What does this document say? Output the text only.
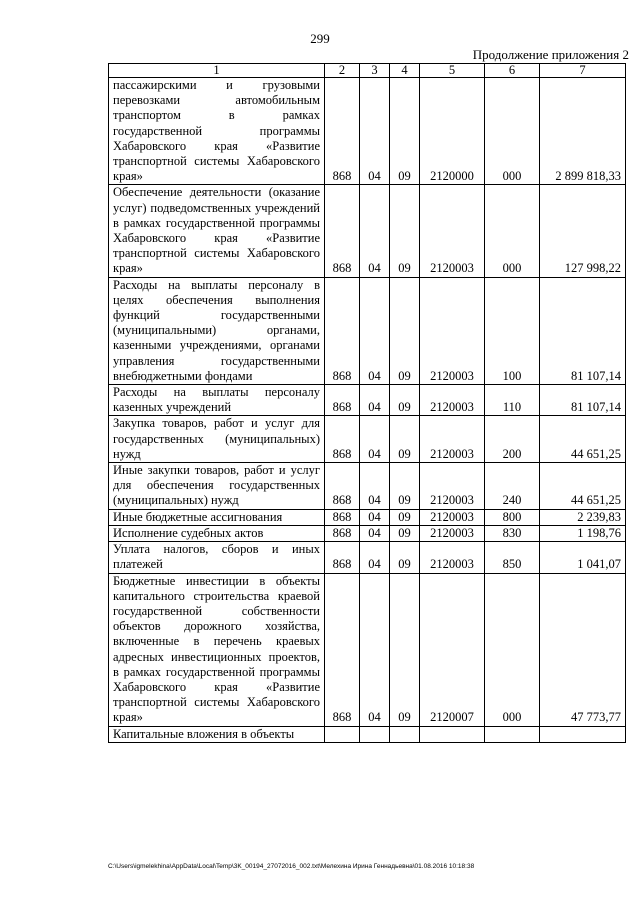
299
Продолжение приложения 2
1	2	3	4	5	6	7
пассажирскими и грузовыми перевозками автомобильным транспортом в рамках государственной программы Хабаровского края «Развитие транспортной системы Хабаровского края»	868	04	09	2120000	000	2 899 818,33
Обеспечение деятельности (оказание услуг) подведомственных учреждений в рамках государственной программы Хабаровского края «Развитие транспортной системы Хабаровского края»	868	04	09	2120003	000	127 998,22
Расходы на выплаты персоналу в целях обеспечения выполнения функций государственными (муниципальными) органами, казенными учреждениями, органами управления государственными внебюджетными фондами	868	04	09	2120003	100	81 107,14
Расходы на выплаты персоналу казенных учреждений	868	04	09	2120003	110	81 107,14
Закупка товаров, работ и услуг для государственных (муниципальных) нужд	868	04	09	2120003	200	44 651,25
Иные закупки товаров, работ и услуг для обеспечения государственных (муниципальных) нужд	868	04	09	2120003	240	44 651,25
Иные бюджетные ассигнования	868	04	09	2120003	800	2 239,83
Исполнение судебных актов	868	04	09	2120003	830	1 198,76
Уплата налогов, сборов и иных платежей	868	04	09	2120003	850	1 041,07
Бюджетные инвестиции в объекты капитального строительства краевой государственной собственности объектов дорожного хозяйства, включенные в перечень краевых адресных инвестиционных проектов, в рамках государственной программы Хабаровского края «Развитие транспортной системы Хабаровского края»	868	04	09	2120007	000	47 773,77
Капитальные вложения в объекты						
C:\Users\igmelekhina\AppData\Local\Temp\3K_00194_27072016_002.txt\Мелехина Ирина Геннадьевна\01.08.2016 10:18:38
